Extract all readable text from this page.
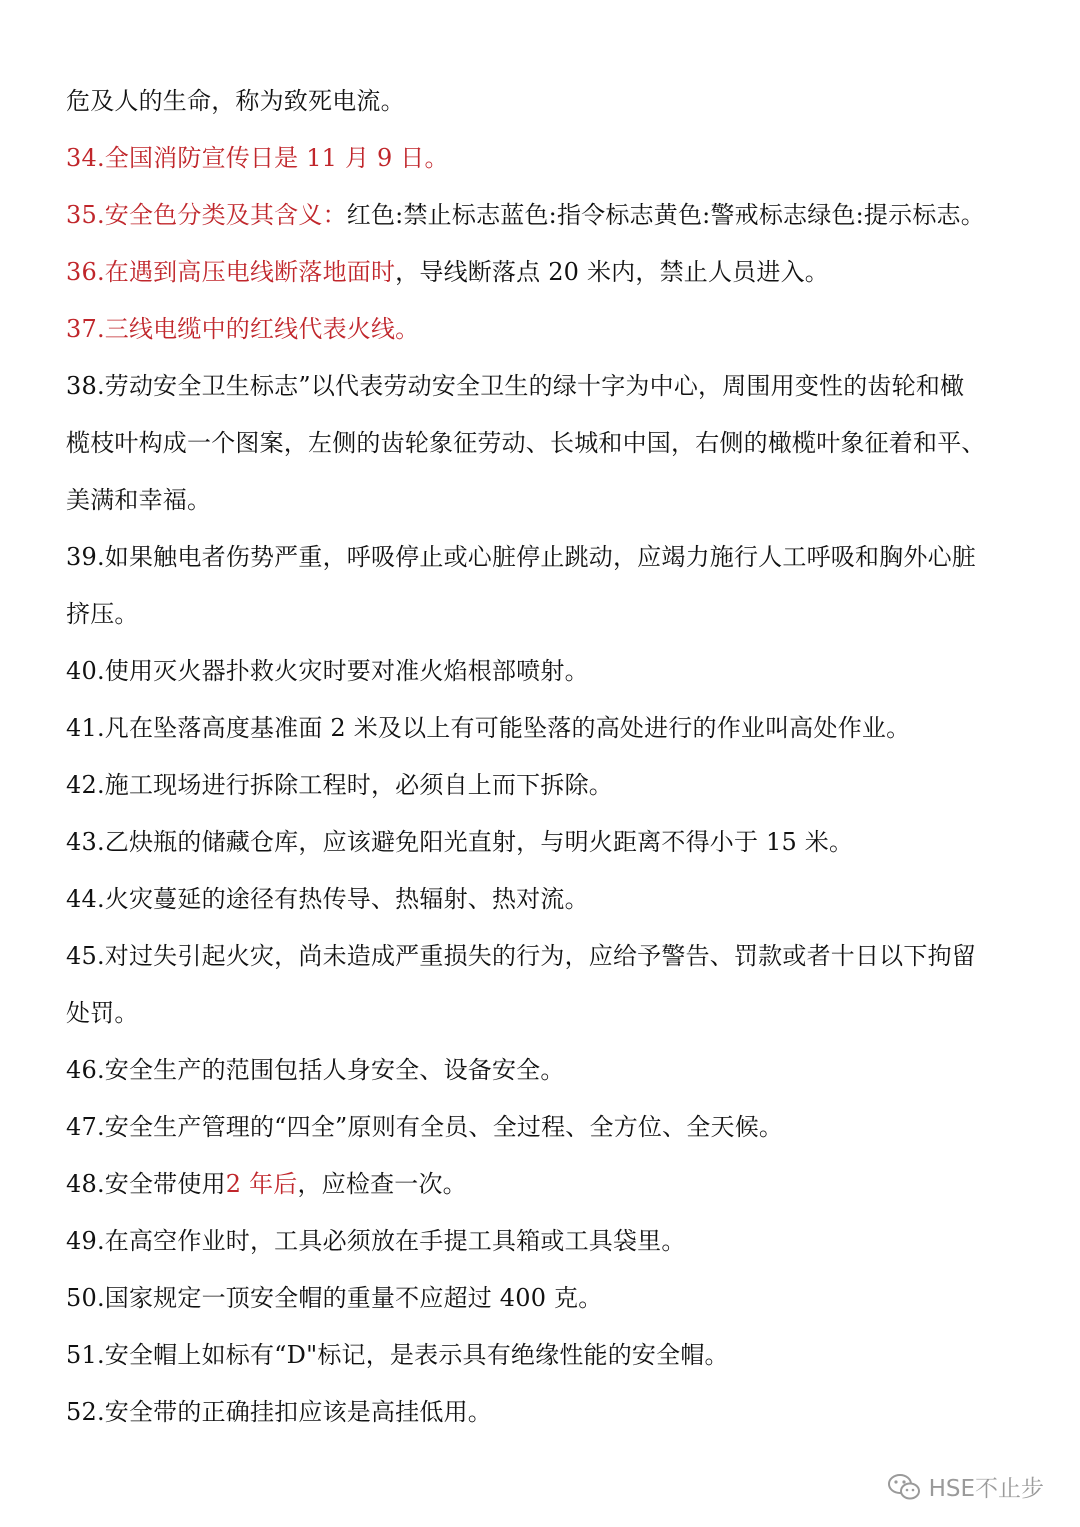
危及人的生命，称为致死电流。
34.全国消防宣传日是 11 月 9 日。
35.安全色分类及其含义：红色:禁止标志蓝色:指令标志黄色:警戒标志绿色:提示标志。
36.在遇到高压电线断落地面时，导线断落点 20 米内，禁止人员进入。
37.三线电缆中的红线代表火线。
38.劳动安全卫生标志”以代表劳动安全卫生的绿十字为中心，周围用变性的齿轮和橄
榄枝叶构成一个图案，左侧的齿轮象征劳动、长城和中国，右侧的橄榄叶象征着和平、
美满和幸福。
39.如果触电者伤势严重，呼吸停止或心脏停止跳动，应竭力施行人工呼吸和胸外心脏
挤压。
40.使用灭火器扑救火灾时要对准火焰根部喷射。
41.凡在坠落高度基准面 2 米及以上有可能坠落的高处进行的作业叫高处作业。
42.施工现场进行拆除工程时，必须自上而下拆除。
43.乙炔瓶的储藏仓库，应该避免阳光直射，与明火距离不得小于 15 米。
44.火灾蔓延的途径有热传导、热辐射、热对流。
45.对过失引起火灾，尚未造成严重损失的行为，应给予警告、罚款或者十日以下拘留
处罚。
46.安全生产的范围包括人身安全、设备安全。
47.安全生产管理的“四全”原则有全员、全过程、全方位、全天候。
48.安全带使用2 年后，应检查一次。
49.在高空作业时，工具必须放在手提工具箱或工具袋里。
50.国家规定一顶安全帽的重量不应超过 400 克。
51.安全帽上如标有“D"标记，是表示具有绝缘性能的安全帽。
52.安全带的正确挂扣应该是高挂低用。
HSE不止步
